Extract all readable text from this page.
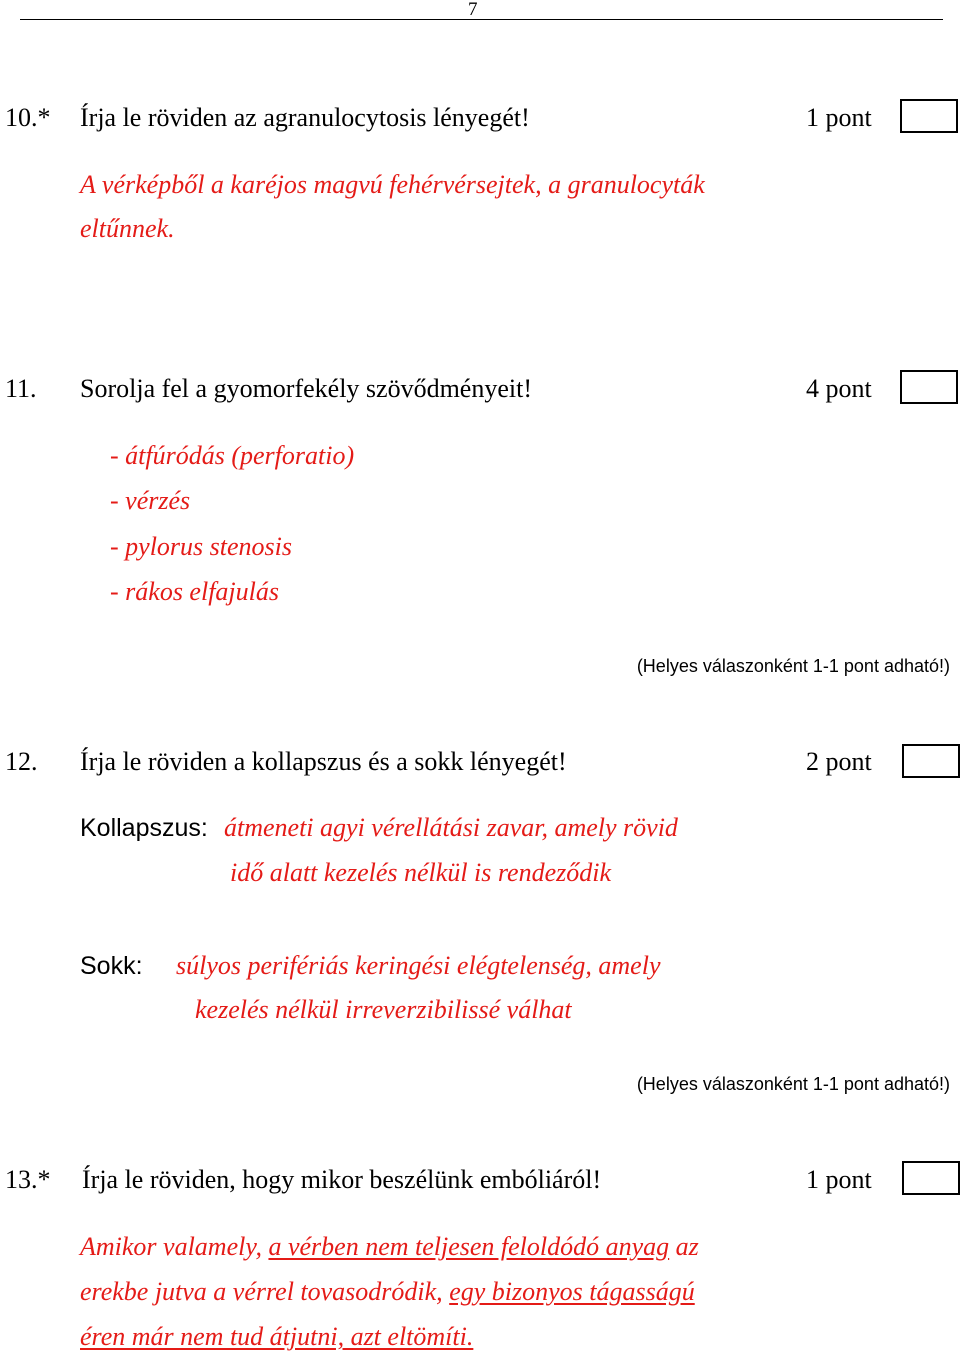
7
10.* Írja le röviden az agranulocytosis lényegét!	1 pont
A vérképből a karéjos magvú fehérvérsejtek, a granulocyták
eltűnnek.
11. Sorolja fel a gyomorfekély szövődményeit!	4 pont
- átfúródás (perforatio)
- vérzés
- pylorus stenosis
- rákos elfajulás
(Helyes válaszonként 1-1 pont adható!)
12. Írja le röviden a kollapszus és a sokk lényegét!	2 pont
Kollapszus: átmeneti agyi vérellátási zavar, amely rövid
idő alatt kezelés nélkül is rendeződik
Sokk: súlyos perifériás keringési elégtelenség, amely
kezelés nélkül irreverzibilissé válhat
(Helyes válaszonként 1-1 pont adható!)
13.* Írja le röviden, hogy mikor beszélünk embóliáról!	1 pont
Amikor valamely, a vérben nem teljesen feloldódó anyag az
erekbe jutva a vérrel tovasodródik, egy bizonyos tágasságú
éren már nem tud átjutni, azt eltömíti.
